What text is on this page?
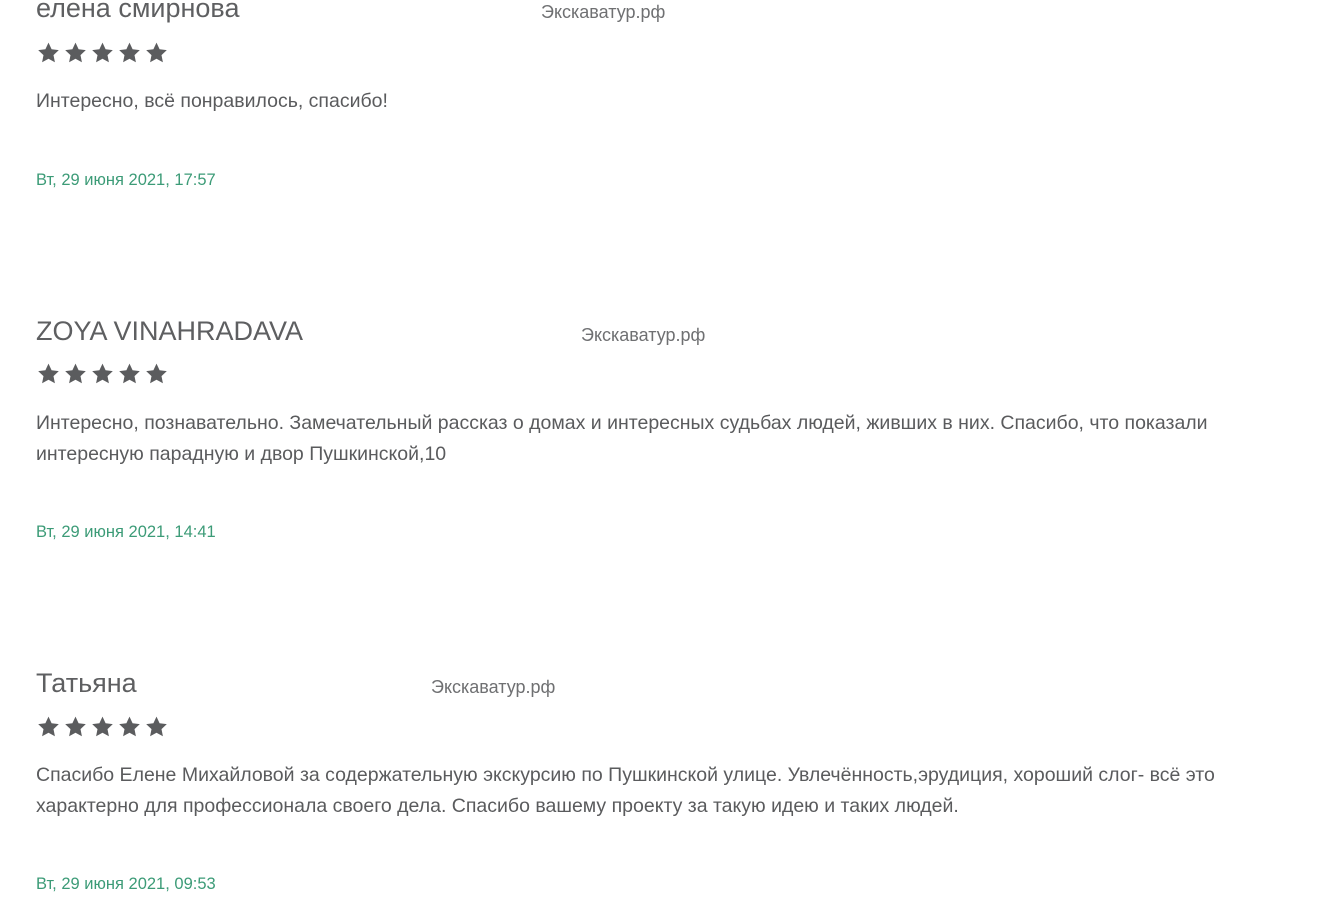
елена смирнова	Экскаватур.рф
Интересно, всё понравилось, спасибо!
Вт, 29 июня 2021, 17:57
ZOYA VINAHRADAVA	Экскаватур.рф
Интересно, познавательно. Замечательный рассказ о домах и интересных судьбах людей, живших в них. Спасибо, что показали интересную парадную и двор Пушкинской,10
Вт, 29 июня 2021, 14:41
Татьяна	Экскаватур.рф
Спасибо Елене Михайловой за содержательную экскурсию по Пушкинской улице. Увлечённость,эрудиция, хороший слог- всё это характерно для профессионала своего дела. Спасибо вашему проекту за такую идею и таких людей.
Вт, 29 июня 2021, 09:53
